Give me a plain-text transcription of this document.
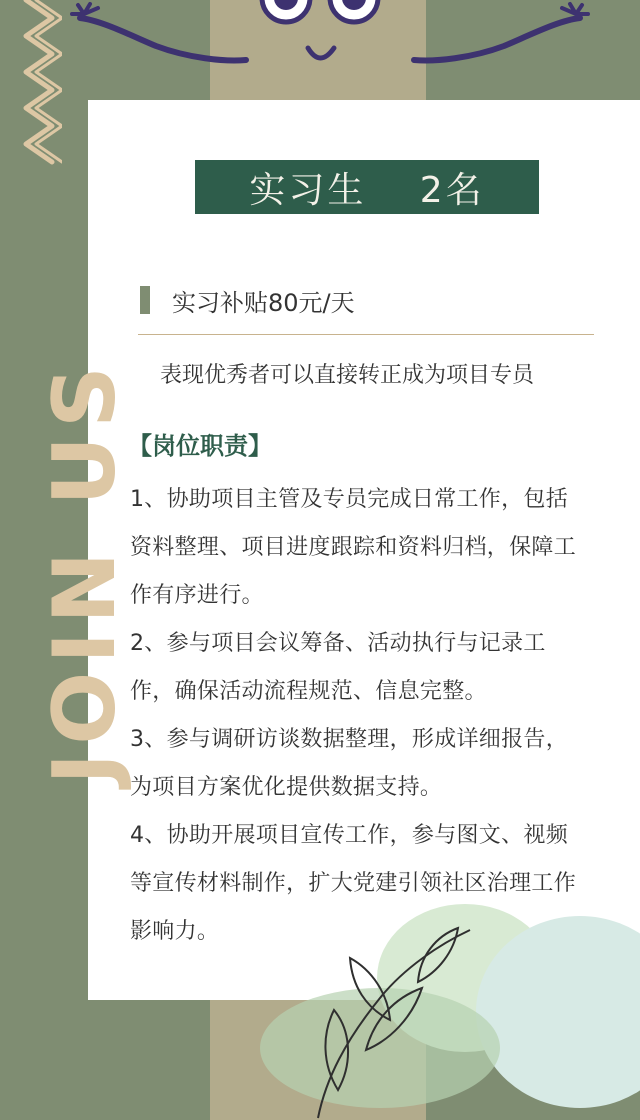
实习生　 2名
实习补贴80元/天
表现优秀者可以直接转正成为项目专员
【岗位职责】
1、协助项目主管及专员完成日常工作，包括
资料整理、项目进度跟踪和资料归档，保障工
作有序进行。
2、参与项目会议筹备、活动执行与记录工
作，确保活动流程规范、信息完整。
3、参与调研访谈数据整理，形成详细报告，
为项目方案优化提供数据支持。
4、协助开展项目宣传工作，参与图文、视频
等宣传材料制作，扩大党建引领社区治理工作
影响力。
JOIN US
